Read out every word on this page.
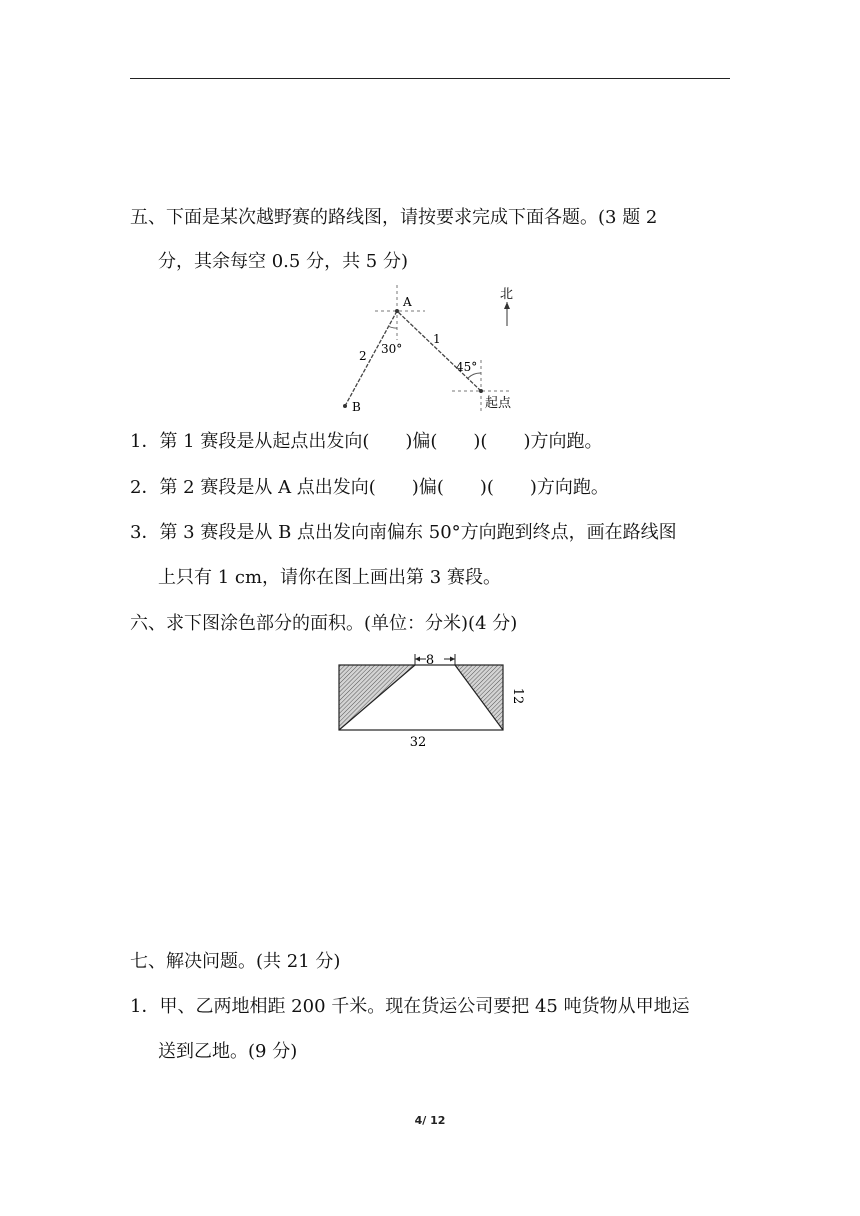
五、下面是某次越野赛的路线图，请按要求完成下面各题。(3 题 2
分，其余每空 0.5 分，共 5 分)
北
A
B	起点
1
2 30°
45°
1．第 1 赛段是从起点出发向(　　)偏(　　)(　　)方向跑。
2．第 2 赛段是从 A 点出发向(　　)偏(　　)(　　)方向跑。
3．第 3 赛段是从 B 点出发向南偏东 50°方向跑到终点，画在路线图
上只有 1 cm，请你在图上画出第 3 赛段。
六、求下图涂色部分的面积。(单位：分米)(4 分)
8
12
32
七、解决问题。(共 21 分)
1．甲、乙两地相距 200 千米。现在货运公司要把 45 吨货物从甲地运
送到乙地。(9 分)
4/ 12
